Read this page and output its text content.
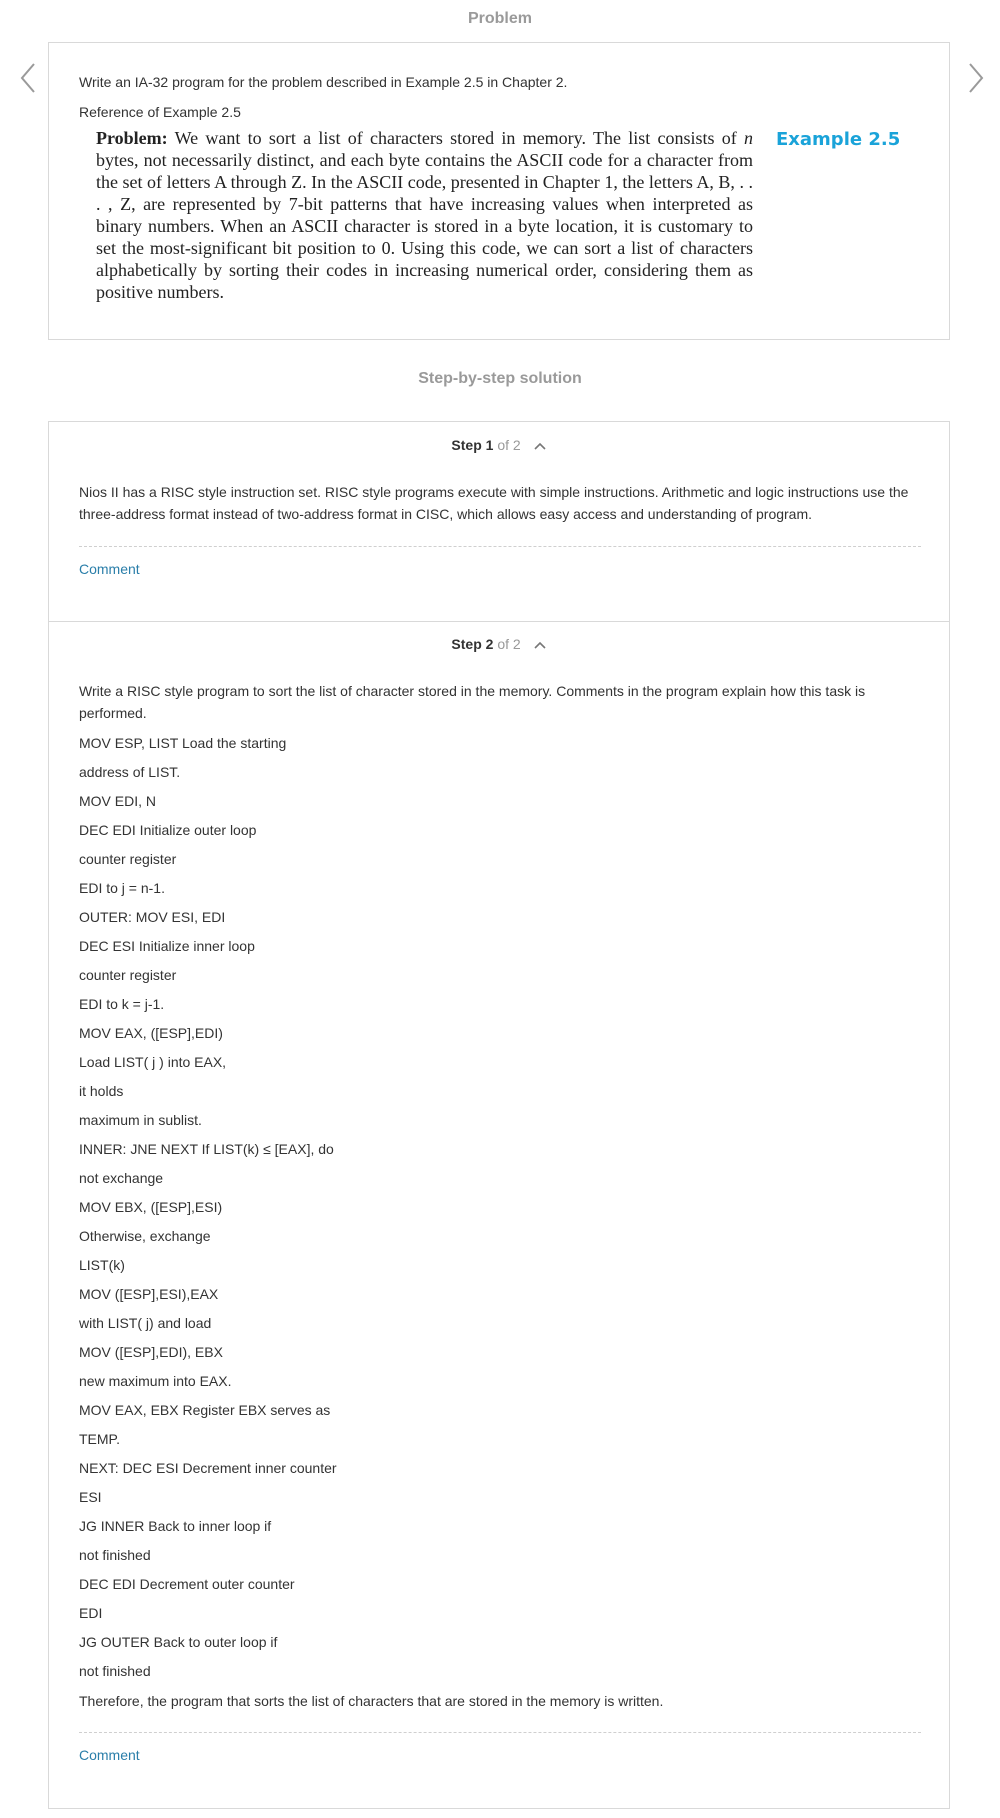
Problem

Write an IA-32 program for the problem described in Example 2.5 in Chapter 2.

Reference of Example 2.5

Problem: We want to sort a list of characters stored in memory. The list consists of n bytes, not necessarily distinct, and each byte contains the ASCII code for a character from the set of letters A through Z. In the ASCII code, presented in Chapter 1, the letters A, B, . . . , Z, are represented by 7-bit patterns that have increasing values when interpreted as binary numbers. When an ASCII character is stored in a byte location, it is customary to set the most-significant bit position to 0. Using this code, we can sort a list of characters alphabetically by sorting their codes in increasing numerical order, considering them as positive numbers.
Example 2.5
Step-by-step solution
Step 1 of 2

Nios II has a RISC style instruction set. RISC style programs execute with simple instructions. Arithmetic and logic instructions use the three-address format instead of two-address format in CISC, which allows easy access and understanding of program.

Comment
Step 2 of 2

Write a RISC style program to sort the list of character stored in the memory. Comments in the program explain how this task is performed.

MOV ESP, LIST Load the starting
address of LIST.
MOV EDI, N
DEC EDI Initialize outer loop
counter register
EDI to j = n-1.
OUTER: MOV ESI, EDI
DEC ESI Initialize inner loop
counter register
EDI to k = j-1.
MOV EAX, ([ESP],EDI)
Load LIST( j ) into EAX,
it holds
maximum in sublist.
INNER: JNE NEXT If LIST(k) ≤ [EAX], do
not exchange
MOV EBX, ([ESP],ESI)
Otherwise, exchange
LIST(k)
MOV ([ESP],ESI),EAX
with LIST( j) and load
MOV ([ESP],EDI), EBX
new maximum into EAX.
MOV EAX, EBX Register EBX serves as
TEMP.
NEXT: DEC ESI Decrement inner counter
ESI
JG INNER Back to inner loop if
not finished
DEC EDI Decrement outer counter
EDI
JG OUTER Back to outer loop if
not finished

Therefore, the program that sorts the list of characters that are stored in the memory is written.

Comment
